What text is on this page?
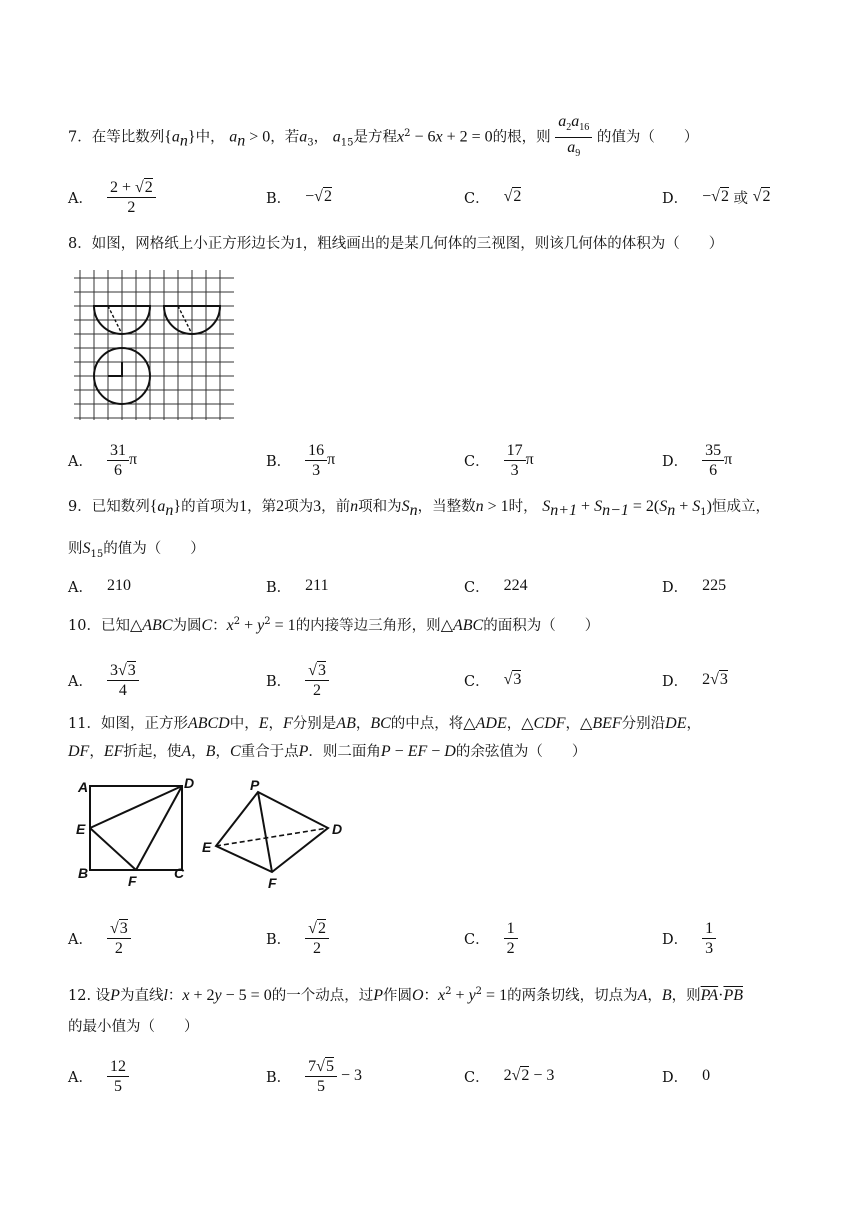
7．在等比数列$\{a_n\}$中， $a_n > 0$，若$a_3$， $a_{15}$是方程$x^2 - 6x + 2 = 0$的根，则 $\frac{a_2a_{16}}{a_9}$ 的值为（　　）
A． $\frac{2 + √2}{2}$	B． −√2	C． √2	D． −√2 或 √2
8．如图，网格纸上小正方形边长为1，粗线画出的是某几何体的三视图，则该几何体的体积为（　　）
A． $\frac{31}{6}$ π	B． $\frac{16}{3}$ π	C． $\frac{17}{3}$ π	D． $\frac{35}{6}$ π
9．已知数列$\{a_n\}$的首项为1，第2项为3，前n项和为$S_n$，当整数n > 1时， $S_{n+1} + S_{n-1} = 2(S_n + S_1)$恒成立，
则$S_{15}$的值为（　　）
A． 210	B． 211	C． 224	D． 225
10．已知△ABC为圆C：$x^2 + y^2 = 1$的内接等边三角形，则△ABC的面积为（　　）
A． $\frac{3√3}{4}$	B． $\frac{√3}{2}$	C． √3	D． 2√3
11．如图，正方形ABCD中，E，F分别是AB，BC的中点，将△ADE，△CDF，△BEF分别沿DE，
DF，EF折起，使A，B，C重合于点P．则二面角P − EF − D的余弦值为（　　）
A	D
E
B	F	C
P
D
E
F
A． $\frac{√3}{2}$	B． $\frac{√2}{2}$	C． $\frac{1}{2}$	D． $\frac{1}{3}$
12. 设P为直线l：x + 2y − 5 = 0的一个动点，过P作圆O：$x^2 + y^2 = 1$的两条切线，切点为A，B，则$\overline{PA}\cdot\overline{PB}$
的最小值为（　　）
A． $\frac{12}{5}$	B． $\frac{7√5}{5} - 3$	C． 2√2 − 3	D． 0
